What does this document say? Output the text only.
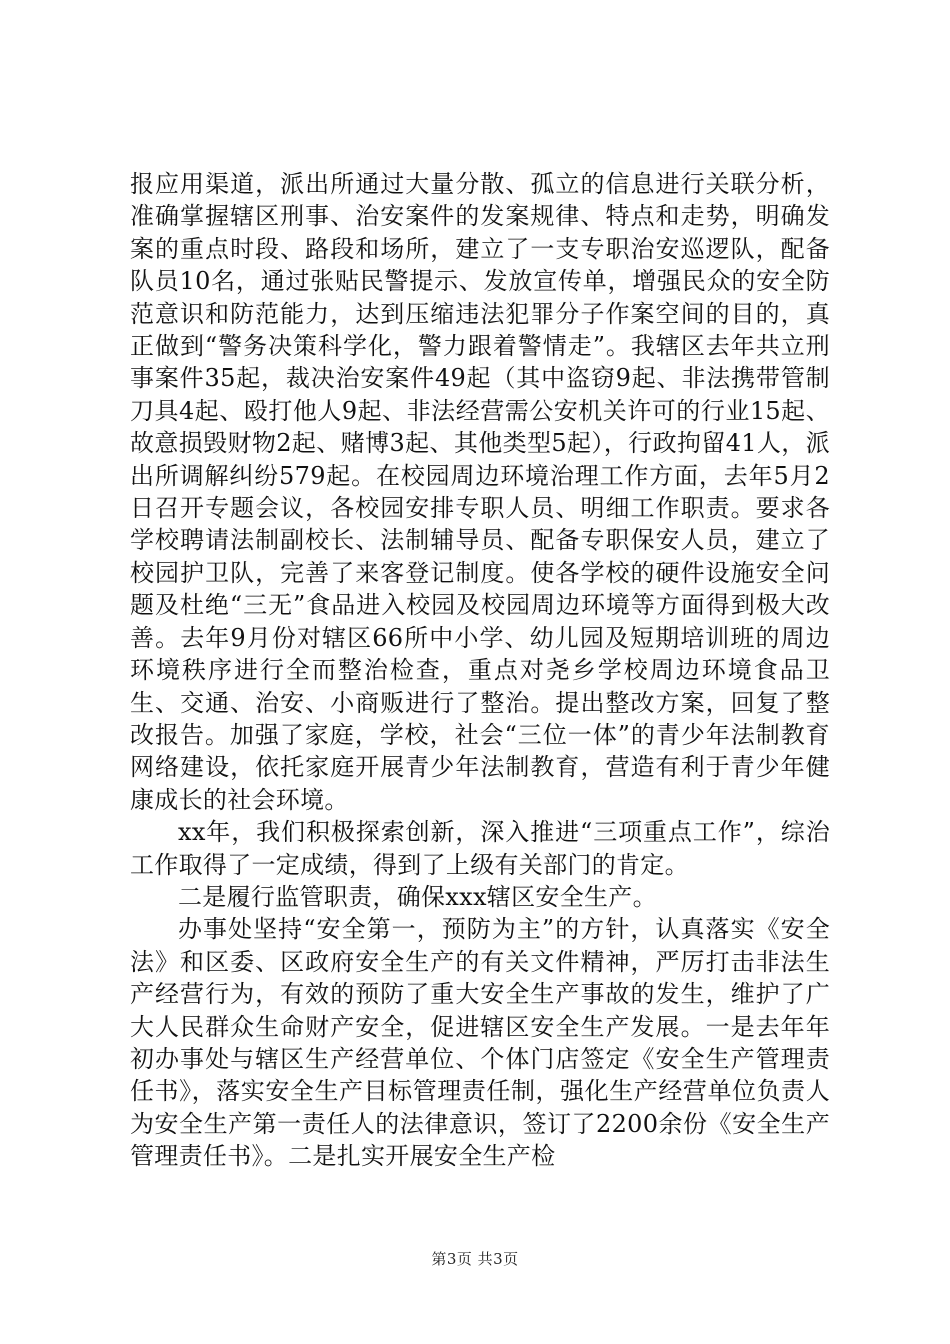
报应用渠道，派出所通过大量分散、孤立的信息进行关联分析，准确掌握辖区刑事、治安案件的发案规律、特点和走势，明确发案的重点时段、路段和场所，建立了一支专职治安巡逻队，配备队员10名，通过张贴民警提示、发放宣传单，增强民众的安全防范意识和防范能力，达到压缩违法犯罪分子作案空间的目的，真正做到“警务决策科学化，警力跟着警情走”。我辖区去年共立刑事案件35起，裁决治安案件49起（其中盗窃9起、非法携带管制刀具4起、殴打他人9起、非法经营需公安机关许可的行业15起、故意损毁财物2起、赌博3起、其他类型5起），行政拘留41人，派出所调解纠纷579起。在校园周边环境治理工作方面，去年5月2日召开专题会议，各校园安排专职人员、明细工作职责。要求各学校聘请法制副校长、法制辅导员、配备专职保安人员，建立了校园护卫队，完善了来客登记制度。使各学校的硬件设施安全问题及杜绝“三无”食品进入校园及校园周边环境等方面得到极大改善。去年9月份对辖区66所中小学、幼儿园及短期培训班的周边环境秩序进行全而整治检查，重点对尧乡学校周边环境食品卫生、交通、治安、小商贩进行了整治。提出整改方案，回复了整改报告。加强了家庭，学校，社会“三位一体”的青少年法制教育网络建设，依托家庭开展青少年法制教育，营造有利于青少年健康成长的社会环境。

xx年，我们积极探索创新，深入推进“三项重点工作”，综治工作取得了一定成绩，得到了上级有关部门的肯定。

二是履行监管职责，确保xxx辖区安全生产。

办事处坚持“安全第一，预防为主”的方针，认真落实《安全法》和区委、区政府安全生产的有关文件精神，严厉打击非法生产经营行为，有效的预防了重大安全生产事故的发生，维护了广大人民群众生命财产安全，促进辖区安全生产发展。一是去年年初办事处与辖区生产经营单位、个体门店签定《安全生产管理责任书》，落实安全生产目标管理责任制，强化生产经营单位负责人为安全生产第一责任人的法律意识，签订了2200余份《安全生产管理责任书》。二是扎实开展安全生产检

第3页 共3页
